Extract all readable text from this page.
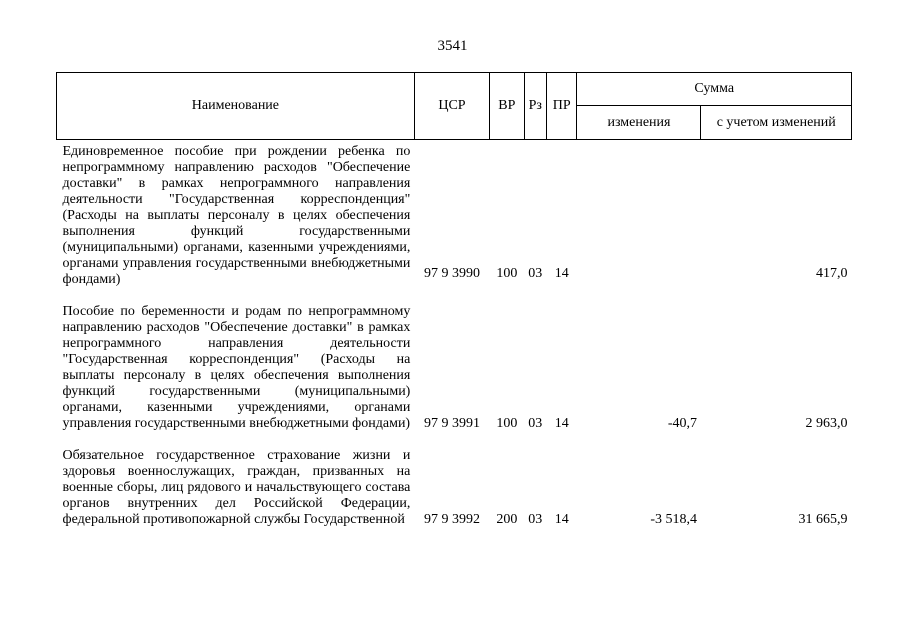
3541
Наименование	ЦСР	ВР	Рз	ПР	Сумма	
					изменения	с учетом изменений
Единовременное пособие при рождении ребенка по непрограммному направлению расходов "Обеспечение доставки" в рамках непрограммного направления деятельности "Государственная корреспонденция" (Расходы на выплаты персоналу в целях обеспечения выполнения функций государственными (муниципальными) органами, казенными учреждениями, органами управления государственными внебюджетными фондами)	97 9 3990	100	03	14		417,0
Пособие по беременности и родам по непрограммному направлению расходов "Обеспечение доставки" в рамках непрограммного направления деятельности "Государственная корреспонденция" (Расходы на выплаты персоналу в целях обеспечения выполнения функций государственными (муниципальными) органами, казенными учреждениями, органами управления государственными внебюджетными фондами)	97 9 3991	100	03	14	-40,7	2 963,0
Обязательное государственное страхование жизни и здоровья военнослужащих, граждан, призванных на военные сборы, лиц рядового и начальствующего состава органов внутренних дел Российской Федерации, федеральной противопожарной службы Государственной	97 9 3992	200	03	14	-3 518,4	31 665,9
